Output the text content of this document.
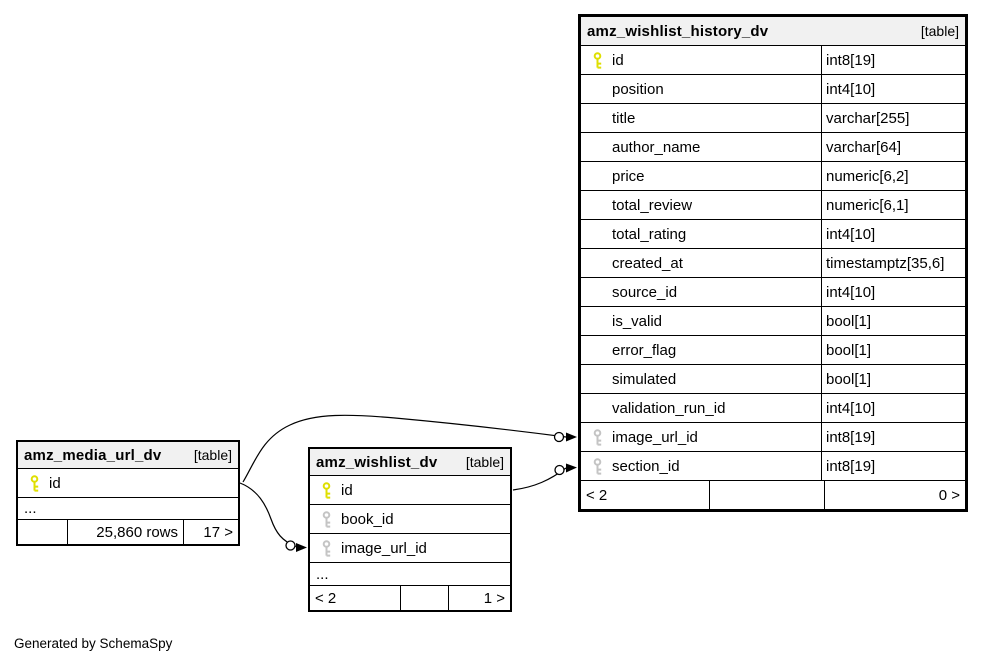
amz_wishlist_history_dv	[table]
id	int8[19]
position	int4[10]
title	varchar[255]
author_name	varchar[64]
price	numeric[6,2]
total_review	numeric[6,1]
total_rating	int4[10]
created_at	timestamptz[35,6]
source_id	int4[10]
is_valid	bool[1]
error_flag	bool[1]
simulated	bool[1]
validation_run_id	int4[10]
image_url_id	int8[19]
section_id	int8[19]
< 2	0 >
amz_media_url_dv [table]
id
...
25,860 rows	17 >
amz_wishlist_dv [table]
id
book_id
image_url_id
...
< 2	1 >
Generated by SchemaSpy
